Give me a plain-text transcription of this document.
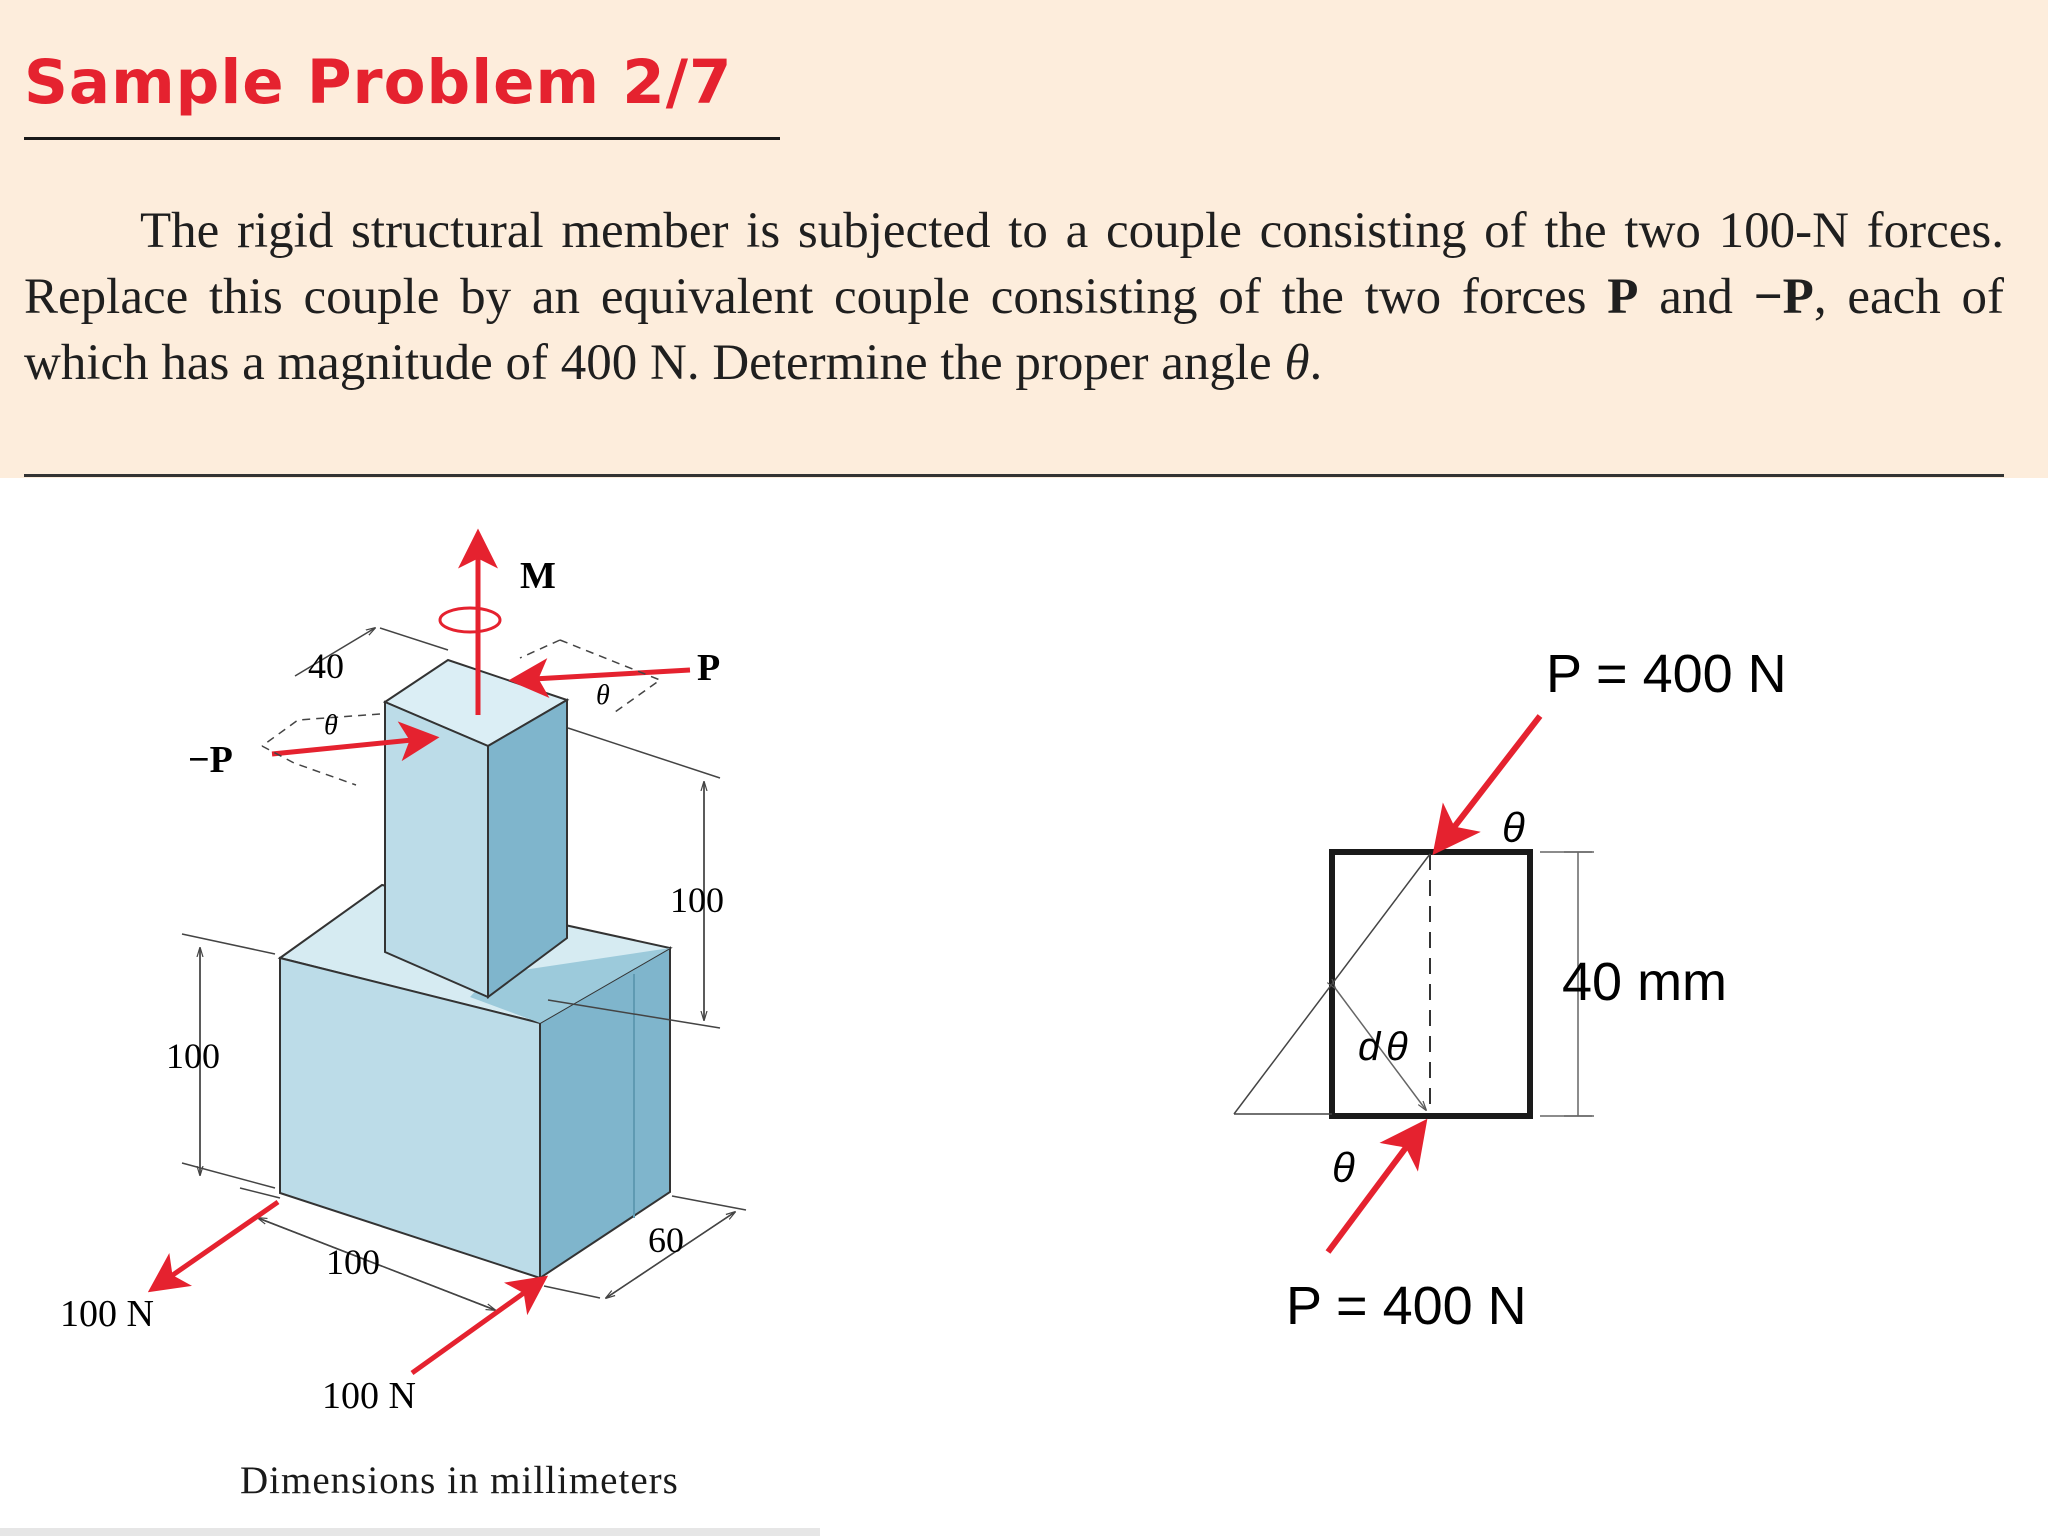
Sample Problem 2/7

The rigid structural member is subjected to a couple consisting of the two 100-N forces. Replace this couple by an equivalent couple consisting of the two forces P and −P, each of which has a magnitude of 400 N. Determine the proper angle θ.

M
θ
P
θ
−P
40
100
100
100
60
100 N
100 N

Dimensions in millimeters

d θ
θ
P = 400 N
θ
P = 400 N
40 mm
